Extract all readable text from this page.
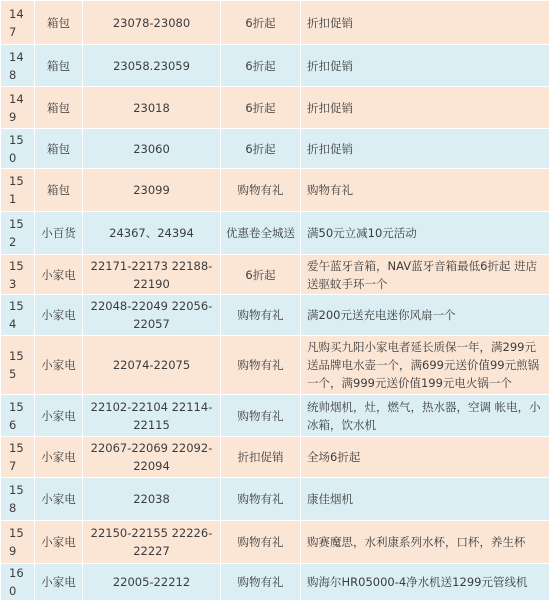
147	箱包	23078-23080	6折起	折扣促销
148	箱包	23058.23059	6折起	折扣促销
149	箱包	23018	6折起	折扣促销
150	箱包	23060	6折起	折扣促销
151	箱包	23099	购物有礼	购物有礼
152	小百货	24367、24394	优惠卷全城送	满50元立减10元活动
153	小家电	22171-22173 22188-22190	6折起	爱午蓝牙音箱，NAV蓝牙音箱最低6折起 进店送驱蚊手环一个
154	小家电	22048-22049 22056-22057	购物有礼	满200元送充电迷你风扇一个
155	小家电	22074-22075	购物有礼	凡购买九阳小家电者延长质保一年，满299元送品牌电水壶一个，满699元送价值99元煎锅一个，满999元送价值199元电火锅一个
156	小家电	22102-22104 22114-22115	购物有礼	统帅烟机，灶，燃气，热水器，空调 帐电，小冰箱，饮水机
157	小家电	22067-22069 22092-22094	折扣促销	全场6折起
158	小家电	22038	购物有礼	康佳烟机
159	小家电	22150-22155 22226-22227	购物有礼	购赛魔思，水利康系列水杯，口杯，养生杯
160	小家电	22005-22212	购物有礼	购海尔HR05000-4净水机送1299元管线机
